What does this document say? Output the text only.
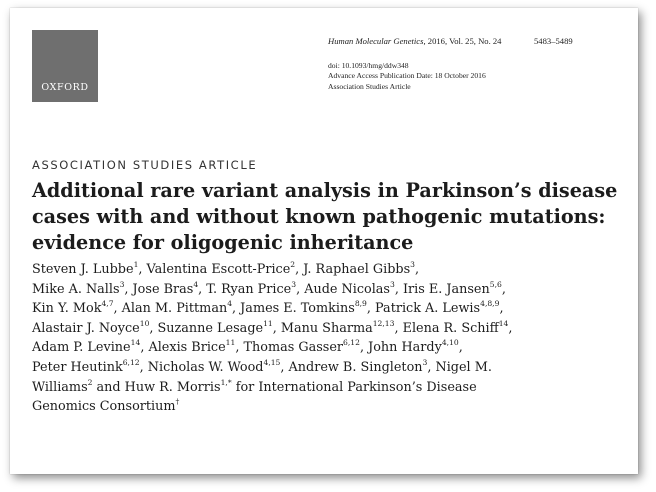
OXFORD
Human Molecular Genetics, 2016, Vol. 25, No. 24	5483–5489
doi: 10.1093/hmg/ddw348
Advance Access Publication Date: 18 October 2016
Association Studies Article
ASSOCIATION STUDIES ARTICLE
Additional rare variant analysis in Parkinson’s disease
cases with and without known pathogenic mutations:
evidence for oligogenic inheritance
Steven J. Lubbe$^1$, Valentina Escott-Price$^2$, J. Raphael Gibbs$^3$,
Mike A. Nalls$^3$, Jose Bras$^4$, T. Ryan Price$^3$, Aude Nicolas$^3$, Iris E. Jansen$^{5,6}$,
Kin Y. Mok$^{4,7}$, Alan M. Pittman$^4$, James E. Tomkins$^{8,9}$, Patrick A. Lewis$^{4,8,9}$,
Alastair J. Noyce$^{10}$, Suzanne Lesage$^{11}$, Manu Sharma$^{12,13}$, Elena R. Schiff$^{14}$,
Adam P. Levine$^{14}$, Alexis Brice$^{11}$, Thomas Gasser$^{6,12}$, John Hardy$^{4,10}$,
Peter Heutink$^{6,12}$, Nicholas W. Wood$^{4,15}$, Andrew B. Singleton$^3$, Nigel M.
Williams$^2$ and Huw R. Morris$^{1,*}$ for International Parkinson’s Disease
Genomics Consortium†
